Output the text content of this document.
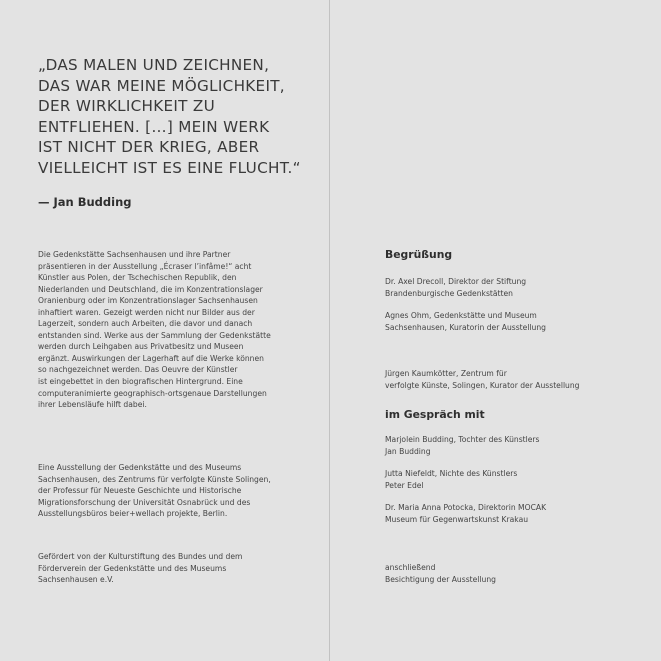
„DAS MALEN UND ZEICHNEN,
DAS WAR MEINE MÖGLICHKEIT,
DER WIRKLICHKEIT ZU
ENTFLIEHEN. […] MEIN WERK
IST NICHT DER KRIEG, ABER
VIELLEICHT IST ES EINE FLUCHT.“
— Jan Budding
Die Gedenkstätte Sachsenhausen und ihre Partner
präsentieren in der Ausstellung „Écraser l’infâme!“ acht
Künstler aus Polen, der Tschechischen Republik, den
Niederlanden und Deutschland, die im Konzentrationslager
Oranienburg oder im Konzentrationslager Sachsenhausen
inhaftiert waren. Gezeigt werden nicht nur Bilder aus der
Lagerzeit, sondern auch Arbeiten, die davor und danach
entstanden sind. Werke aus der Sammlung der Gedenkstätte
werden durch Leihgaben aus Privatbesitz und Museen
ergänzt. Auswirkungen der Lagerhaft auf die Werke können
so nachgezeichnet werden. Das Oeuvre der Künstler
ist eingebettet in den biografischen Hintergrund. Eine
computeranimierte geographisch-ortsgenaue Darstellungen
ihrer Lebensläufe hilft dabei.
Eine Ausstellung der Gedenkstätte und des Museums
Sachsenhausen, des Zentrums für verfolgte Künste Solingen,
der Professur für Neueste Geschichte und Historische
Migrationsforschung der Universität Osnabrück und des
Ausstellungsbüros beier+wellach projekte, Berlin.
Gefördert von der Kulturstiftung des Bundes und dem
Förderverein der Gedenkstätte und des Museums
Sachsenhausen e.V.
Begrüßung
Dr. Axel Drecoll, Direktor der Stiftung
Brandenburgische Gedenkstätten
Agnes Ohm, Gedenkstätte und Museum
Sachsenhausen, Kuratorin der Ausstellung
Jürgen Kaumkötter, Zentrum für
verfolgte Künste, Solingen, Kurator der Ausstellung
im Gespräch mit
Marjolein Budding, Tochter des Künstlers
Jan Budding
Jutta Niefeldt, Nichte des Künstlers
Peter Edel
Dr. Maria Anna Potocka, Direktorin MOCAK
Museum für Gegenwartskunst Krakau
anschließend
Besichtigung der Ausstellung
